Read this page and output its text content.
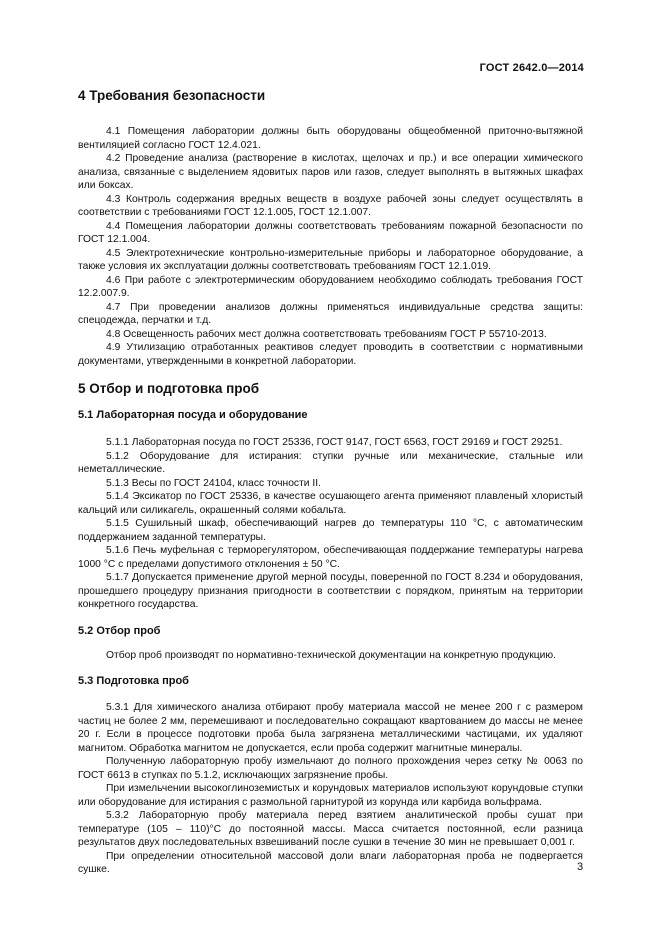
ГОСТ 2642.0—2014
4 Требования безопасности

4.1 Помещения лаборатории должны быть оборудованы общеобменной приточно-вытяжной вентиляцией согласно ГОСТ 12.4.021.

4.2 Проведение анализа (растворение в кислотах, щелочах и пр.) и все операции химического анализа, связанные с выделением ядовитых паров или газов, следует выполнять в вытяжных шкафах или боксах.

4.3 Контроль содержания вредных веществ в воздухе рабочей зоны следует осуществлять в соответствии с требованиями ГОСТ 12.1.005, ГОСТ 12.1.007.

4.4 Помещения лаборатории должны соответствовать требованиям пожарной безопасности по ГОСТ 12.1.004.

4.5 Электротехнические контрольно-измерительные приборы и лабораторное оборудование, а также условия их эксплуатации должны соответствовать требованиям ГОСТ 12.1.019.

4.6 При работе с электротермическим оборудованием необходимо соблюдать требования ГОСТ 12.2.007.9.

4.7 При проведении анализов должны применяться индивидуальные средства защиты: спецодежда, перчатки и т.д.

4.8 Освещенность рабочих мест должна соответствовать требованиям ГОСТ Р 55710-2013.

4.9 Утилизацию отработанных реактивов следует проводить в соответствии с нормативными документами, утвержденными в конкретной лаборатории.

5 Отбор и подготовка проб
5.1 Лабораторная посуда и оборудование

5.1.1 Лабораторная посуда по ГОСТ 25336, ГОСТ 9147, ГОСТ 6563, ГОСТ 29169 и ГОСТ 29251.

5.1.2 Оборудование для истирания: ступки ручные или механические, стальные или неметаллические.

5.1.3 Весы по ГОСТ 24104, класс точности II.

5.1.4 Эксикатор по ГОСТ 25336, в качестве осушающего агента применяют плавленый хлористый кальций или силикагель, окрашенный солями кобальта.

5.1.5 Сушильный шкаф, обеспечивающий нагрев до температуры 110 °С, с автоматическим поддержанием заданной температуры.

5.1.6 Печь муфельная с терморегулятором, обеспечивающая поддержание температуры нагрева 1000 °С с пределами допустимого отклонения ± 50 °С.

5.1.7 Допускается применение другой мерной посуды, поверенной по ГОСТ 8.234 и оборудования, прошедшего процедуру признания пригодности в соответствии с порядком, принятым на территории конкретного государства.

5.2 Отбор проб

Отбор проб производят по нормативно-технической документации на конкретную продукцию.

5.3 Подготовка проб

5.3.1 Для химического анализа отбирают пробу материала массой не менее 200 г с размером частиц не более 2 мм, перемешивают и последовательно сокращают квартованием до массы не менее 20 г. Если в процессе подготовки проба была загрязнена металлическими частицами, их удаляют магнитом. Обработка магнитом не допускается, если проба содержит магнитные минералы.

Полученную лабораторную пробу измельчают до полного прохождения через сетку № 0063 по ГОСТ 6613 в ступках по 5.1.2, исключающих загрязнение пробы.

При измельчении высокоглиноземистых и корундовых материалов используют корундовые ступки или оборудование для истирания с размольной гарнитурой из корунда или карбида вольфрама.

5.3.2 Лабораторную пробу материала перед взятием аналитической пробы сушат при температуре (105 – 110)°С до постоянной массы. Масса считается постоянной, если разница результатов двух последовательных взвешиваний после сушки в течение 30 мин не превышает 0,001 г.

При определении относительной массовой доли влаги лабораторная проба не подвергается сушке.	3
